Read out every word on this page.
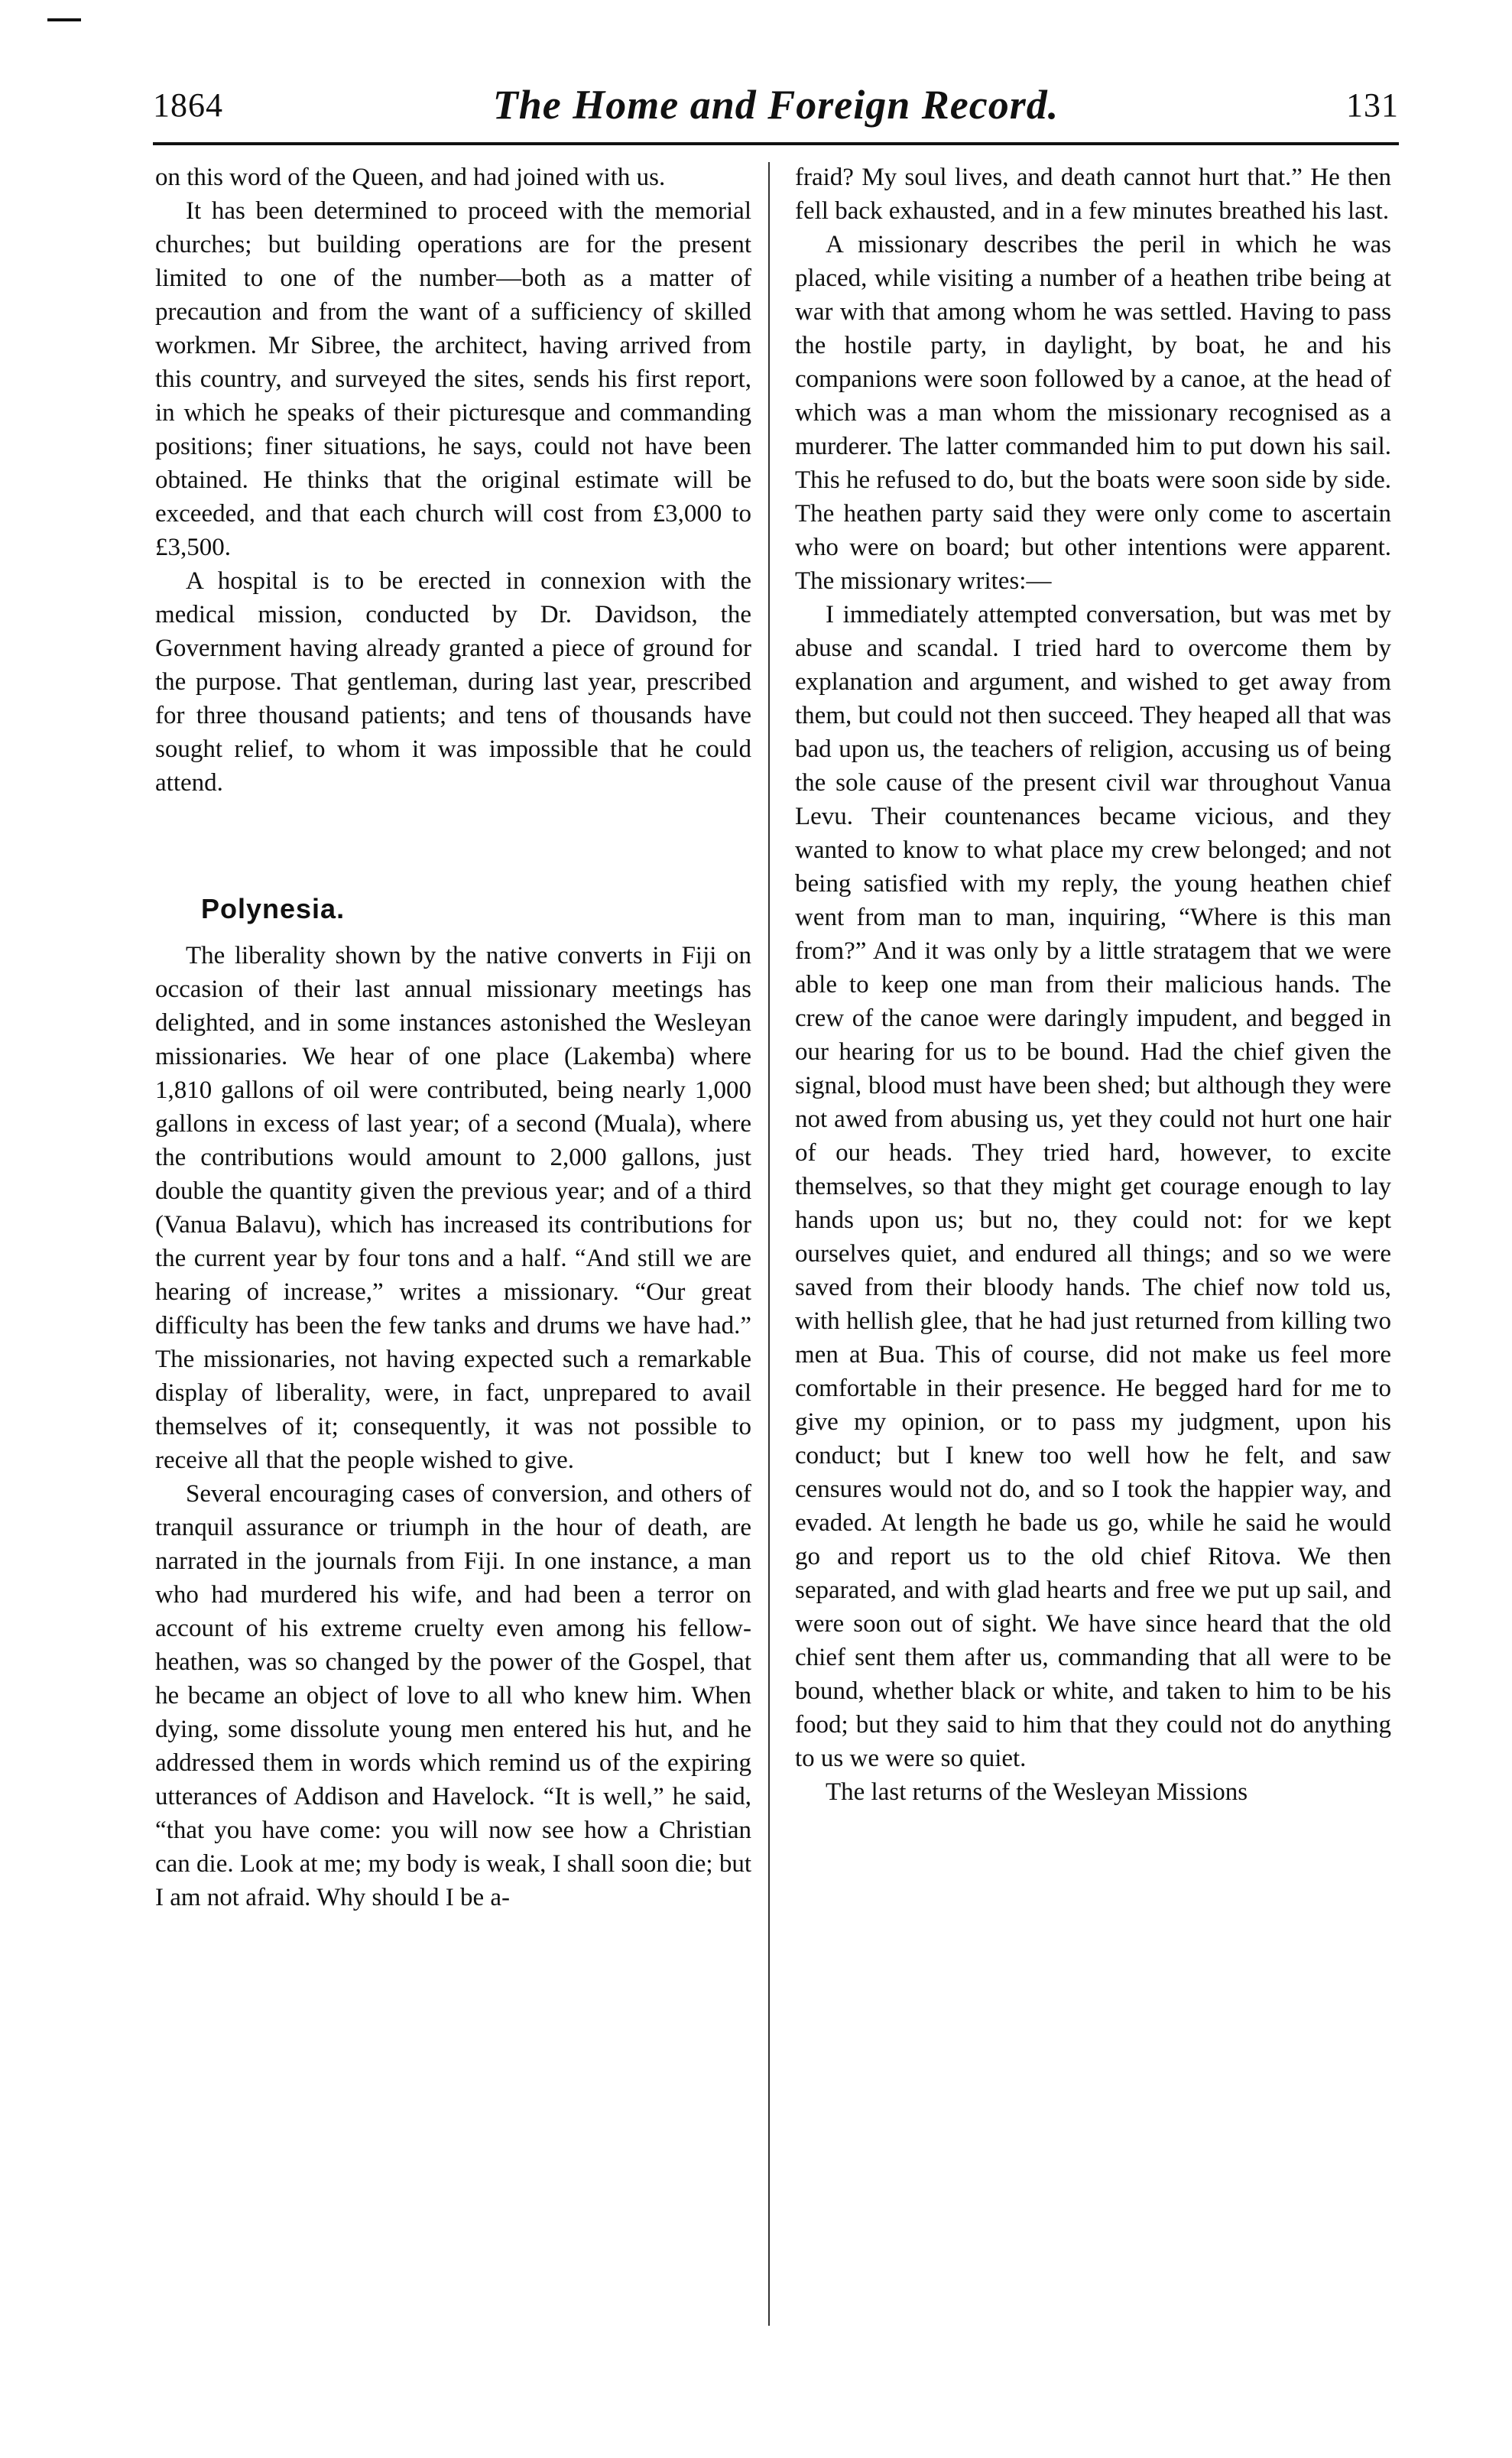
1864	The Home and Foreign Record.	131

on this word of the Queen, and had joined with us.

It has been determined to proceed with the memorial churches; but building operations are for the present limited to one of the number—both as a matter of precaution and from the want of a sufficiency of skilled workmen. Mr Sibree, the architect, having arrived from this country, and surveyed the sites, sends his first report, in which he speaks of their picturesque and commanding positions; finer situations, he says, could not have been obtained. He thinks that the original estimate will be exceeded, and that each church will cost from £3,000 to £3,500.

A hospital is to be erected in connexion with the medical mission, conducted by Dr. Davidson, the Government having already granted a piece of ground for the purpose. That gentleman, during last year, prescribed for three thousand patients; and tens of thousands have sought relief, to whom it was impossible that he could attend.

Polynesia.

The liberality shown by the native converts in Fiji on occasion of their last annual missionary meetings has delighted, and in some instances astonished the Wesleyan missionaries. We hear of one place (Lakemba) where 1,810 gallons of oil were contributed, being nearly 1,000 gallons in excess of last year; of a second (Muala), where the contributions would amount to 2,000 gallons, just double the quantity given the previous year; and of a third (Vanua Balavu), which has increased its contributions for the current year by four tons and a half. “And still we are hearing of increase,” writes a missionary. “Our great difficulty has been the few tanks and drums we have had.” The missionaries, not having expected such a remarkable display of liberality, were, in fact, unprepared to avail themselves of it; consequently, it was not possible to receive all that the people wished to give.

Several encouraging cases of conversion, and others of tranquil assurance or triumph in the hour of death, are narrated in the journals from Fiji. In one instance, a man who had murdered his wife, and had been a terror on account of his extreme cruelty even among his fellow-heathen, was so changed by the power of the Gospel, that he became an object of love to all who knew him. When dying, some dissolute young men entered his hut, and he addressed them in words which remind us of the expiring utterances of Addison and Havelock. “It is well,” he said, “that you have come: you will now see how a Christian can die. Look at me; my body is weak, I shall soon die; but I am not afraid. Why should I be a-

fraid? My soul lives, and death cannot hurt that.” He then fell back exhausted, and in a few minutes breathed his last.

A missionary describes the peril in which he was placed, while visiting a number of a heathen tribe being at war with that among whom he was settled. Having to pass the hostile party, in daylight, by boat, he and his companions were soon followed by a canoe, at the head of which was a man whom the missionary recognised as a murderer. The latter commanded him to put down his sail. This he refused to do, but the boats were soon side by side. The heathen party said they were only come to ascertain who were on board; but other intentions were apparent. The missionary writes:—

I immediately attempted conversation, but was met by abuse and scandal. I tried hard to overcome them by explanation and argument, and wished to get away from them, but could not then succeed. They heaped all that was bad upon us, the teachers of religion, accusing us of being the sole cause of the present civil war throughout Vanua Levu. Their countenances became vicious, and they wanted to know to what place my crew belonged; and not being satisfied with my reply, the young heathen chief went from man to man, inquiring, “Where is this man from?” And it was only by a little stratagem that we were able to keep one man from their malicious hands. The crew of the canoe were daringly impudent, and begged in our hearing for us to be bound. Had the chief given the signal, blood must have been shed; but although they were not awed from abusing us, yet they could not hurt one hair of our heads. They tried hard, however, to excite themselves, so that they might get courage enough to lay hands upon us; but no, they could not: for we kept ourselves quiet, and endured all things; and so we were saved from their bloody hands. The chief now told us, with hellish glee, that he had just returned from killing two men at Bua. This of course, did not make us feel more comfortable in their presence. He begged hard for me to give my opinion, or to pass my judgment, upon his conduct; but I knew too well how he felt, and saw censures would not do, and so I took the happier way, and evaded. At length he bade us go, while he said he would go and report us to the old chief Ritova. We then separated, and with glad hearts and free we put up sail, and were soon out of sight. We have since heard that the old chief sent them after us, commanding that all were to be bound, whether black or white, and taken to him to be his food; but they said to him that they could not do anything to us we were so quiet.

The last returns of the Wesleyan Missions
